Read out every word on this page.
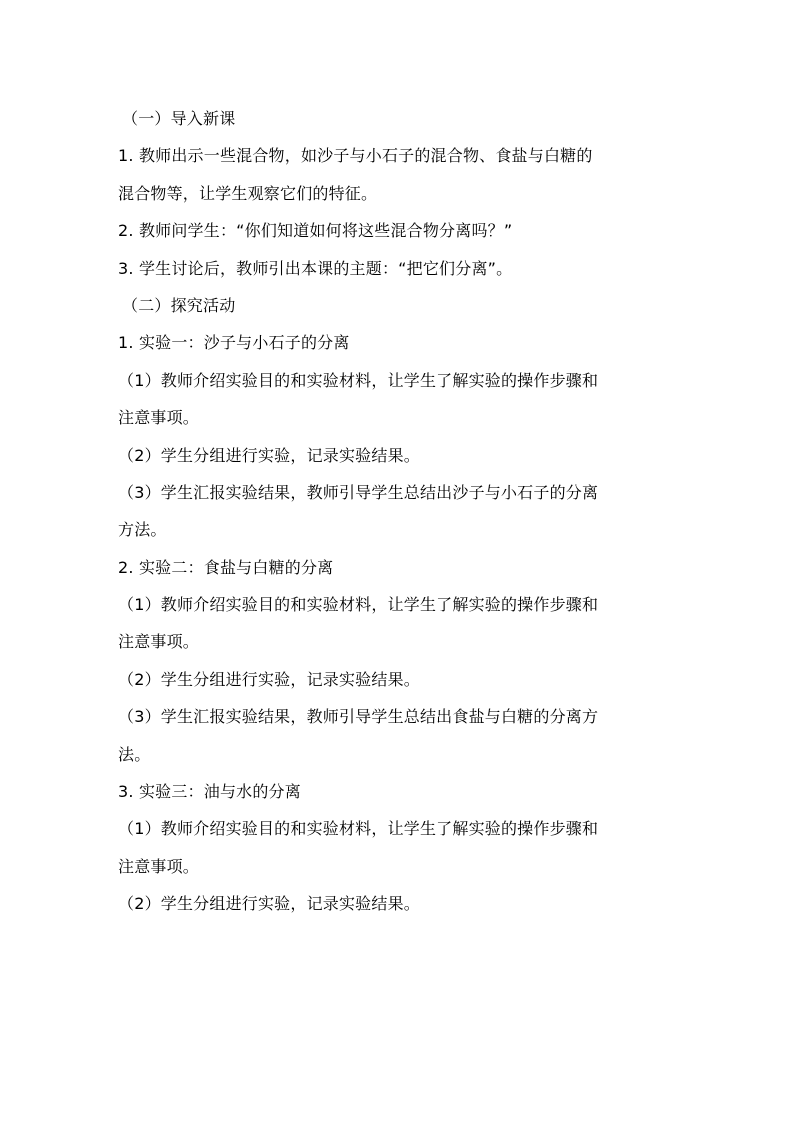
（一）导入新课
1. 教师出示一些混合物，如沙子与小石子的混合物、食盐与白糖的
混合物等，让学生观察它们的特征。
2. 教师问学生：“你们知道如何将这些混合物分离吗？”
3. 学生讨论后，教师引出本课的主题：“把它们分离”。
（二）探究活动
1. 实验一：沙子与小石子的分离
（1）教师介绍实验目的和实验材料，让学生了解实验的操作步骤和
注意事项。
（2）学生分组进行实验，记录实验结果。
（3）学生汇报实验结果，教师引导学生总结出沙子与小石子的分离
方法。
2. 实验二：食盐与白糖的分离
（1）教师介绍实验目的和实验材料，让学生了解实验的操作步骤和
注意事项。
（2）学生分组进行实验，记录实验结果。
（3）学生汇报实验结果，教师引导学生总结出食盐与白糖的分离方
法。
3. 实验三：油与水的分离
（1）教师介绍实验目的和实验材料，让学生了解实验的操作步骤和
注意事项。
（2）学生分组进行实验，记录实验结果。
